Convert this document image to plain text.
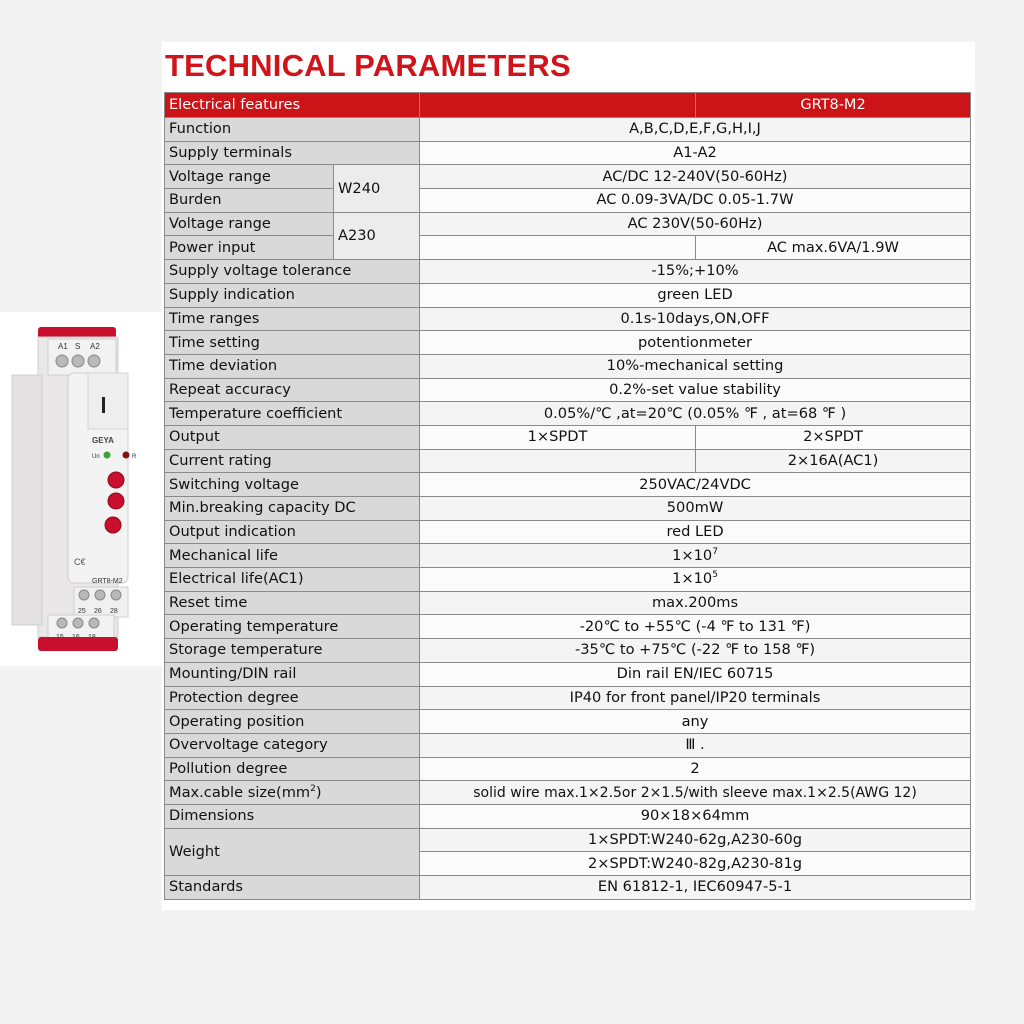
TECHNICAL PARAMETERS
Electrical features			GRT8-M2
Function		A,B,C,D,E,F,G,H,I,J	
Supply terminals		A1-A2	
Voltage range	W240	AC/DC 12-240V(50-60Hz)	
Burden		AC 0.09-3VA/DC 0.05-1.7W	
Voltage range	A230	AC 230V(50-60Hz)	
Power input			AC max.6VA/1.9W
Supply voltage tolerance		-15%;+10%	
Supply indication		green LED	
Time ranges		0.1s-10days,ON,OFF	
Time setting		potentionmeter	
Time deviation		10%-mechanical setting	
Repeat accuracy		0.2%-set value stability	
Temperature coefficient		0.05%/℃ ,at=20℃ (0.05% ℉ , at=68 ℉ )	
Output		1×SPDT	2×SPDT
Current rating			2×16A(AC1)
Switching voltage		250VAC/24VDC	
Min.breaking capacity DC		500mW	
Output indication		red LED	
Mechanical life		$1\times 10^7$
Electrical life(AC1)		$1\times 10^5$
Reset time		max.200ms	
Operating temperature		-20℃ to +55℃ (-4 ℉ to 131 ℉)	
Storage temperature		-35℃ to +75℃ (-22 ℉ to 158 ℉)	
Mounting/DIN rail		Din rail EN/IEC 60715	
Protection degree		IP40 for front panel/IP20 terminals	
Operating position		any	
Overvoltage category		Ⅲ .	
Pollution degree		2	
Max.cable $size(mm^2)$		solid wire max.1×2.5or 2×1.5/with sleeve max.1×2.5(AWG 12)	
Dimensions		90×18×64mm	
Weight		1×SPDT:W240-62g,A230-60g	
		2×SPDT:W240-82g,A230-81g	
Standards		EN 61812-1, IEC60947-5-1	
A1 S A2
GEYA
Un	R
C€
GRT8-M2
25 26 28
